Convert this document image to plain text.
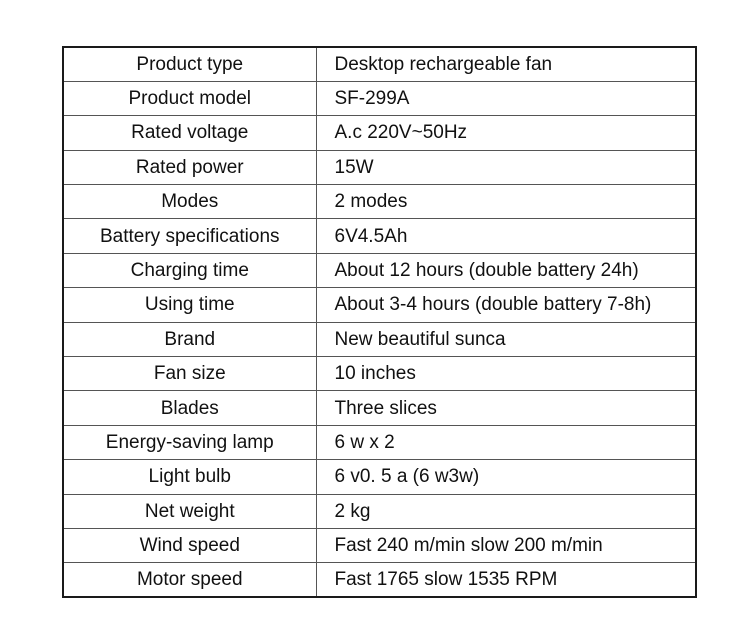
Product type	Desktop rechargeable fan
Product model	SF-299A
Rated voltage	A.c 220V~50Hz
Rated power	15W
Modes	2 modes
Battery specifications	6V4.5Ah
Charging time	About 12 hours (double battery 24h)
Using time	About 3-4 hours (double battery 7-8h)
Brand	New beautiful sunca
Fan size	10 inches
Blades	Three slices
Energy-saving lamp	6 w x 2
Light bulb	6 v0. 5 a (6 w3w)
Net weight	2 kg
Wind speed	Fast 240 m/min slow 200 m/min
Motor speed	Fast 1765 slow 1535 RPM
